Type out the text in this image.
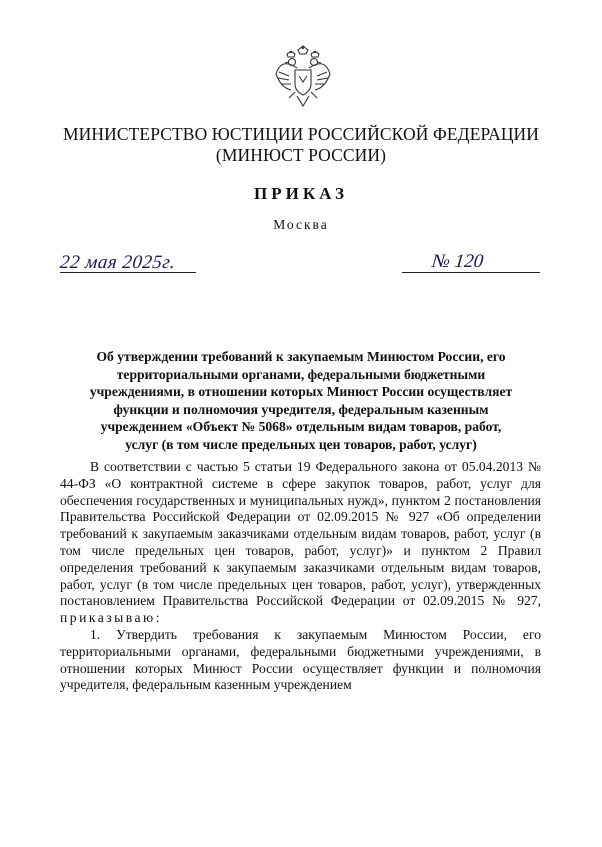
МИНИСТЕРСТВО ЮСТИЦИИ РОССИЙСКОЙ ФЕДЕРАЦИИ
(МИНЮСТ РОССИИ)
ПРИКАЗ
Москва
22 мая 2025г.	№ 120
Об утверждении требований к закупаемым Минюстом России, его территориальными органами, федеральными бюджетными учреждениями, в отношении которых Минюст России осуществляет функции и полномочия учредителя, федеральным казенным учреждением «Объект № 5068» отдельным видам товаров, работ, услуг (в том числе предельных цен товаров, работ, услуг)

В соответствии с частью 5 статьи 19 Федерального закона от 05.04.2013 № 44-ФЗ «О контрактной системе в сфере закупок товаров, работ, услуг для обеспечения государственных и муниципальных нужд», пунктом 2 постановления Правительства Российской Федерации от 02.09.2015 № 927 «Об определении требований к закупаемым заказчиками отдельным видам товаров, работ, услуг (в том числе предельных цен товаров, работ, услуг)» и пунктом 2 Правил определения требований к закупаемым заказчиками отдельным видам товаров, работ, услуг (в том числе предельных цен товаров, работ, услуг), утвержденных постановлением Правительства Российской Федерации от 02.09.2015 № 927, приказываю:

1. Утвердить требования к закупаемым Минюстом России, его территориальными органами, федеральными бюджетными учреждениями, в отношении которых Минюст России осуществляет функции и полномочия учредителя, федеральным казенным учреждением
